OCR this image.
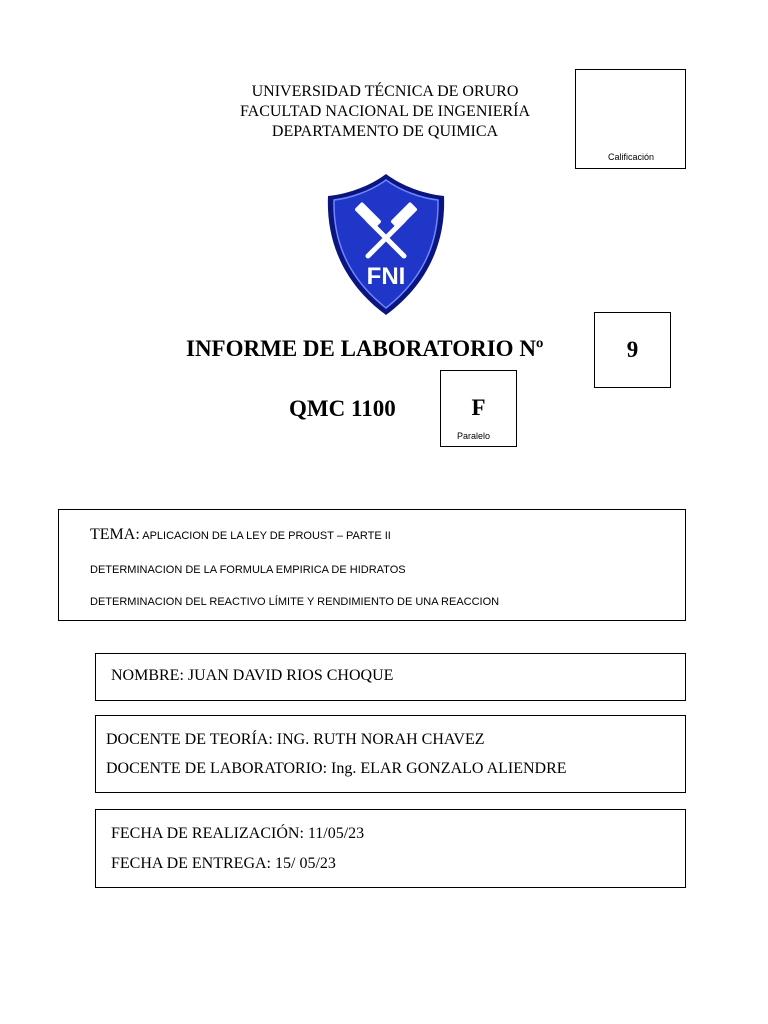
UNIVERSIDAD TÉCNICA DE ORURO
FACULTAD NACIONAL DE INGENIERÍA
DEPARTAMENTO DE QUIMICA
Calificación
FNI
INFORME DE LABORATORIO Nº	9
QMC 1100	F
Paralelo
TEMA: APLICACION DE LA LEY DE PROUST – PARTE II
DETERMINACION DE LA FORMULA EMPIRICA DE HIDRATOS
DETERMINACION DEL REACTIVO LÍMITE Y RENDIMIENTO DE UNA REACCION
NOMBRE: JUAN DAVID RIOS CHOQUE
DOCENTE DE TEORÍA: ING. RUTH NORAH CHAVEZ
DOCENTE DE LABORATORIO: Ing. ELAR GONZALO ALIENDRE
FECHA DE REALIZACIÓN: 11/05/23
FECHA DE ENTREGA: 15/ 05/23
